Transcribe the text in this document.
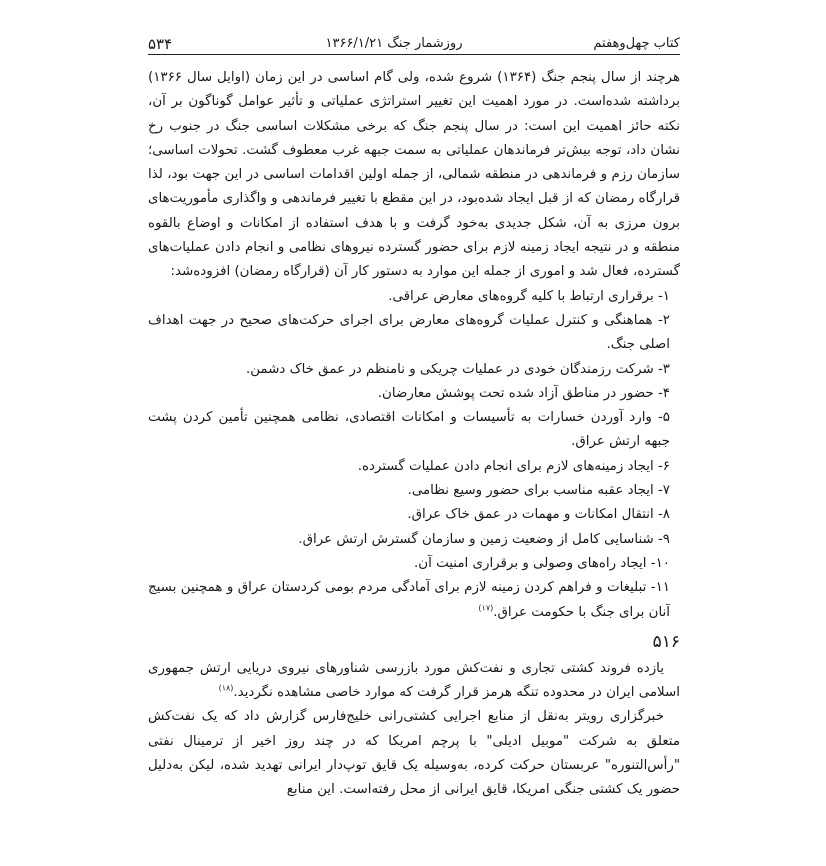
کتاب چهل‌وهفتم
روزشمار جنگ ۱۳۶۶/۱/۲۱
۵۳۴

هرچند از سال پنجم جنگ (۱۳۶۴) شروع شده، ولی گام اساسی در این زمان (اوایل سال ۱۳۶۶) برداشته شده‌است. در مورد اهمیت این تغییر استراتژی عملیاتی و تأثیر عوامل گوناگون بر آن، نکته حائز اهمیت این است: در سال پنجم جنگ که برخی مشکلات اساسی جنگ در جنوب رخ نشان داد، توجه بیش‌تر فرماندهان عملیاتی به سمت جبهه غرب معطوف گشت. تحولات اساسی؛ سازمان رزم و فرماندهی در منطقه شمالی، از جمله اولین اقدامات اساسی در این جهت بود، لذا قرارگاه رمضان که از قبل ایجاد شده‌بود، در این مقطع با تغییر فرماندهی و واگذاری مأموریت‌های برون مرزی به آن، شکل جدیدی به‌خود گرفت و با هدف استفاده از امکانات و اوضاع بالقوه منطقه و در نتیجه ایجاد زمینه لازم برای حضور گسترده نیروهای نظامی و انجام دادن عملیات‌های گسترده، فعال شد و اموری از جمله این موارد به دستور کار آن (قرارگاه رمضان) افزوده‌شد:

۱- برقراری ارتباط با کلیه گروه‌های معارض عراقی.
۲- هماهنگی و کنترل عملیات گروه‌های معارض برای اجرای حرکت‌های صحیح در جهت اهداف اصلی جنگ.
۳- شرکت رزمندگان خودی در عملیات چریکی و نامنظم در عمق خاک دشمن.
۴- حضور در مناطق آزاد شده تحت پوشش معارضان.
۵- وارد آوردن خسارات به تأسیسات و امکانات اقتصادی، نظامی همچنین تأمین کردن پشت جبهه ارتش عراق.
۶- ایجاد زمینه‌های لازم برای انجام دادن عملیات گسترده.
۷- ایجاد عقبه مناسب برای حضور وسیع نظامی.
۸- انتقال امکانات و مهمات در عمق خاک عراق.
۹- شناسایی کامل از وضعیت زمین و سازمان گسترش ارتش عراق.
۱۰- ایجاد راه‌های وصولی و برقراری امنیت آن.
۱۱- تبلیغات و فراهم کردن زمینه لازم برای آمادگی مردم بومی کردستان عراق و همچنین بسیج آنان برای جنگ با حکومت عراق.$^{(۱۷)}$
۵۱۶

یازده فروند کشتی تجاری و نفت‌کش مورد بازرسی شناورهای نیروی دریایی ارتش جمهوری اسلامی ایران در محدوده تنگه هرمز قرار گرفت که موارد خاصی مشاهده نگردید.$^{(۱۸)}$

خبرگزاری رویتر به‌نقل از منابع اجرایی کشتی‌رانی خلیج‌فارس گزارش داد که یک نفت‌کش متعلق به شرکت "موبیل ادیلی" با پرچم امریکا که در چند روز اخیر از ترمینال نفتی "رأس‌التنوره" عربستان حرکت کرده، به‌وسیله یک قایق توپ‌دار ایرانی تهدید شده، لیکن به‌دلیل حضور یک کشتی جنگی امریکا، قایق ایرانی از محل رفته‌است. این منابع
